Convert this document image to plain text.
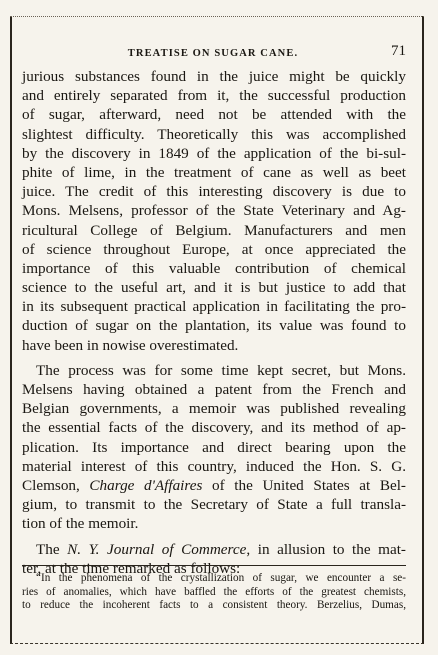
TREATISE ON SUGAR CANE.	71
jurious substances found in the juice might be quickly
and entirely separated from it, the successful production
of sugar, afterward, need not be attended with the
slightest difficulty. Theoretically this was accomplished
by the discovery in 1849 of the application of the bi-sul-
phite of lime, in the treatment of cane as well as beet
juice. The credit of this interesting discovery is due to
Mons. Melsens, professor of the State Veterinary and Ag-
ricultural College of Belgium. Manufacturers and men
of science throughout Europe, at once appreciated the
importance of this valuable contribution of chemical
science to the useful art, and it is but justice to add that
in its subsequent practical application in facilitating the pro-
duction of sugar on the plantation, its value was found to
have been in nowise overestimated.
The process was for some time kept secret, but Mons.
Melsens having obtained a patent from the French and
Belgian governments, a memoir was published revealing
the essential facts of the discovery, and its method of ap-
plication. Its importance and direct bearing upon the
material interest of this country, induced the Hon. S. G.
Clemson, Charge d'Affaires of the United States at Bel-
gium, to transmit to the Secretary of State a full transla-
tion of the memoir.
The N. Y. Journal of Commerce, in allusion to the mat-
ter, at the time remarked as follows:
“In the phenomena of the crystallization of sugar, we encounter a se-
ries of anomalies, which have baffled the efforts of the greatest chemists,
to reduce the incoherent facts to a consistent theory. Berzelius, Dumas,
